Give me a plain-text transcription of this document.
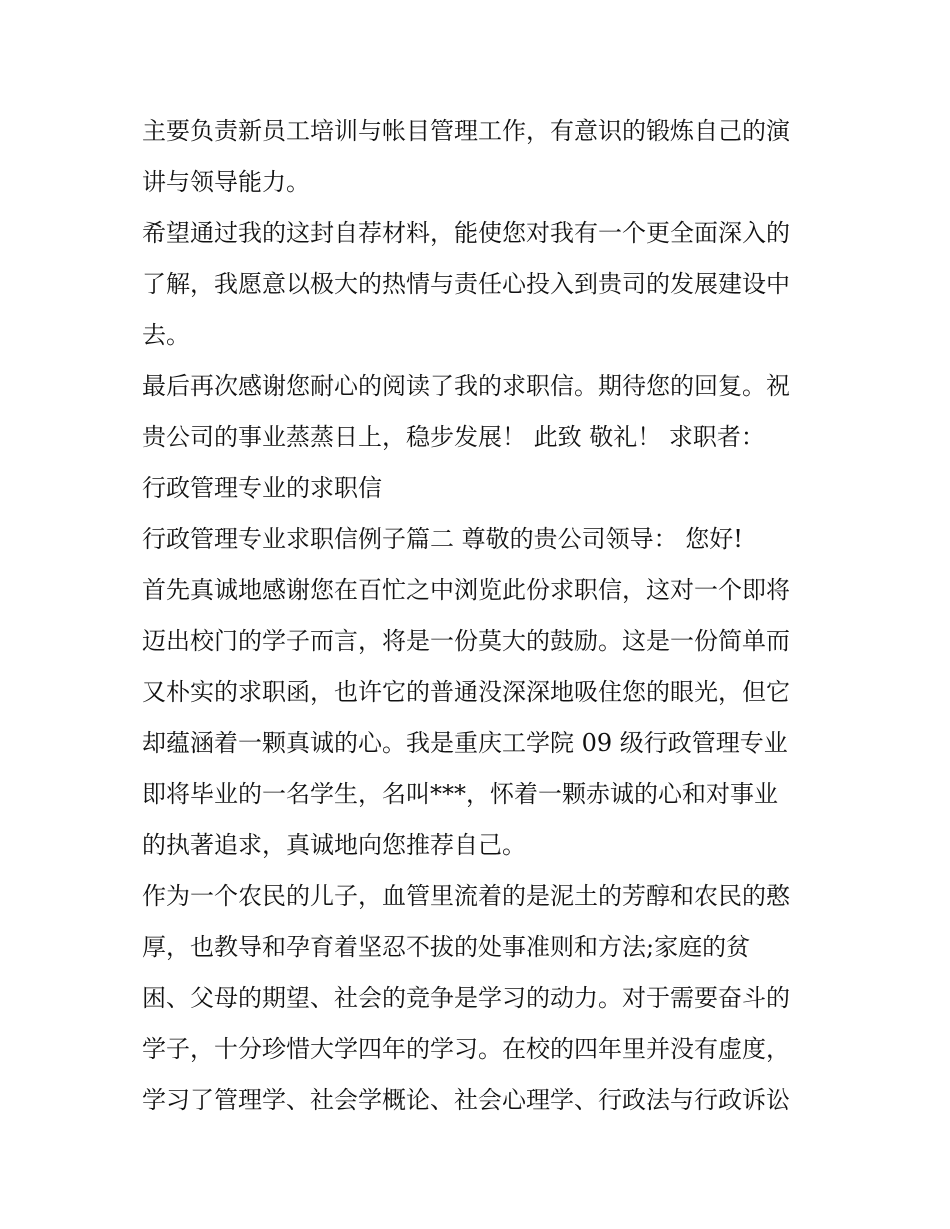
主要负责新员工培训与帐目管理工作，有意识的锻炼自己的演
讲与领导能力。
希望通过我的这封自荐材料，能使您对我有一个更全面深入的
了解，我愿意以极大的热情与责任心投入到贵司的发展建设中
去。
最后再次感谢您耐心的阅读了我的求职信。期待您的回复。祝
贵公司的事业蒸蒸日上，稳步发展！ 此致 敬礼！ 求职者：
行政管理专业的求职信
行政管理专业求职信例子篇二 尊敬的贵公司领导： 您好!
首先真诚地感谢您在百忙之中浏览此份求职信，这对一个即将
迈出校门的学子而言，将是一份莫大的鼓励。这是一份简单而
又朴实的求职函，也许它的普通没深深地吸住您的眼光，但它
却蕴涵着一颗真诚的心。我是重庆工学院 09 级行政管理专业
即将毕业的一名学生，名叫***，怀着一颗赤诚的心和对事业
的执著追求，真诚地向您推荐自己。
作为一个农民的儿子，血管里流着的是泥土的芳醇和农民的憨
厚，也教导和孕育着坚忍不拔的处事准则和方法;家庭的贫
困、父母的期望、社会的竞争是学习的动力。对于需要奋斗的
学子，十分珍惜大学四年的学习。在校的四年里并没有虚度，
学习了管理学、社会学概论、社会心理学、行政法与行政诉讼
